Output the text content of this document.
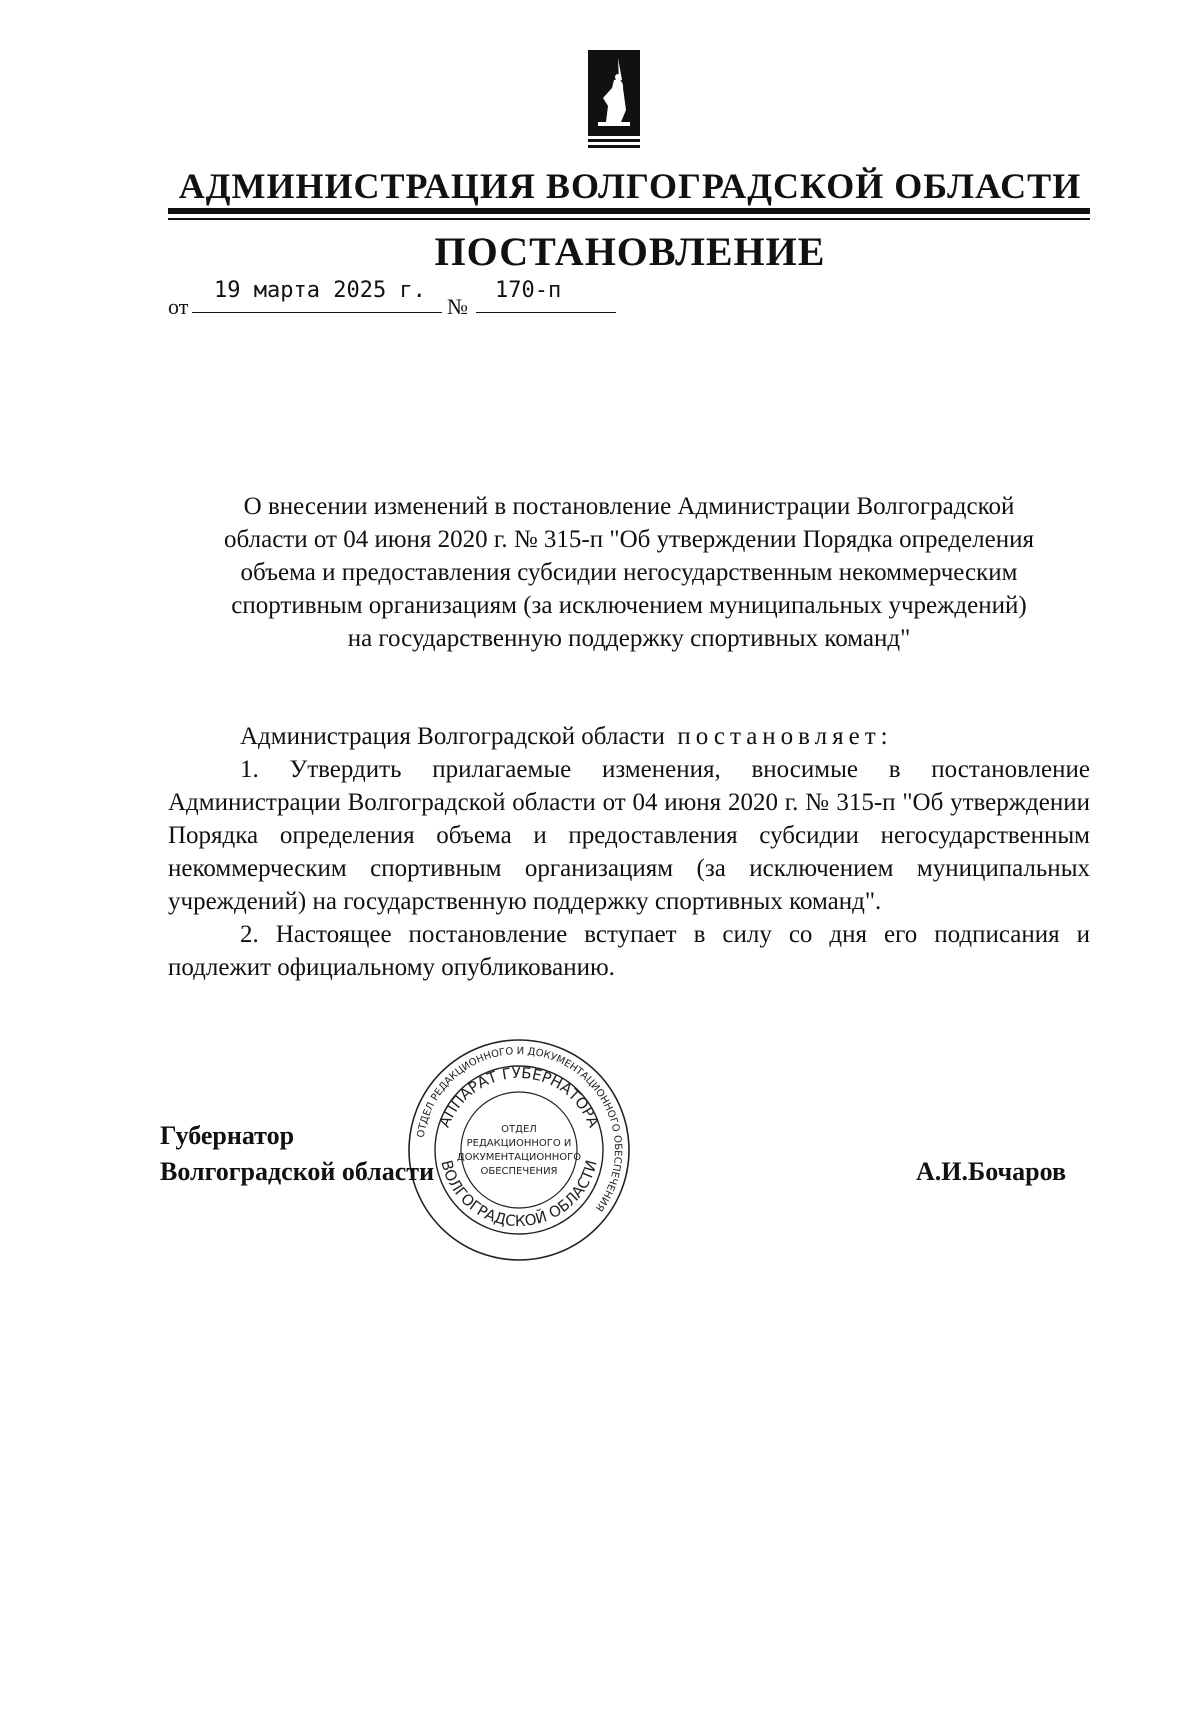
АДМИНИСТРАЦИЯ ВОЛГОГРАДСКОЙ ОБЛАСТИ
ПОСТАНОВЛЕНИЕ
от
19 марта 2025 г.
№
170-п
О внесении изменений в постановление Администрации Волгоградской
области от 04 июня 2020 г. № 315-п "Об утверждении Порядка определения
объема и предоставления субсидии негосударственным некоммерческим
спортивным организациям (за исключением муниципальных учреждений)
на государственную поддержку спортивных команд"

Администрация Волгоградской области постановляет:

1. Утвердить прилагаемые изменения, вносимые в постановление Администрации Волгоградской области от 04 июня 2020 г. № 315-п "Об утверждении Порядка определения объема и предоставления субсидии негосударственным некоммерческим спортивным организациям (за исключением муниципальных учреждений) на государственную поддержку спортивных команд".

2. Настоящее постановление вступает в силу со дня его подписания и подлежит официальному опубликованию.

ОТДЕЛ РЕДАКЦИОННОГО И ДОКУМЕНТАЦИОННОГО ОБЕСПЕЧЕНИЯ
АППАРАТ ГУБЕРНАТОРА
ВОЛГОГРАДСКОЙ ОБЛАСТИ
ОТДЕЛ
РЕДАКЦИОННОГО И
ДОКУМЕНТАЦИОННОГО
ОБЕСПЕЧЕНИЯ
Губернатор
Волгоградской области	А.И.Бочаров
